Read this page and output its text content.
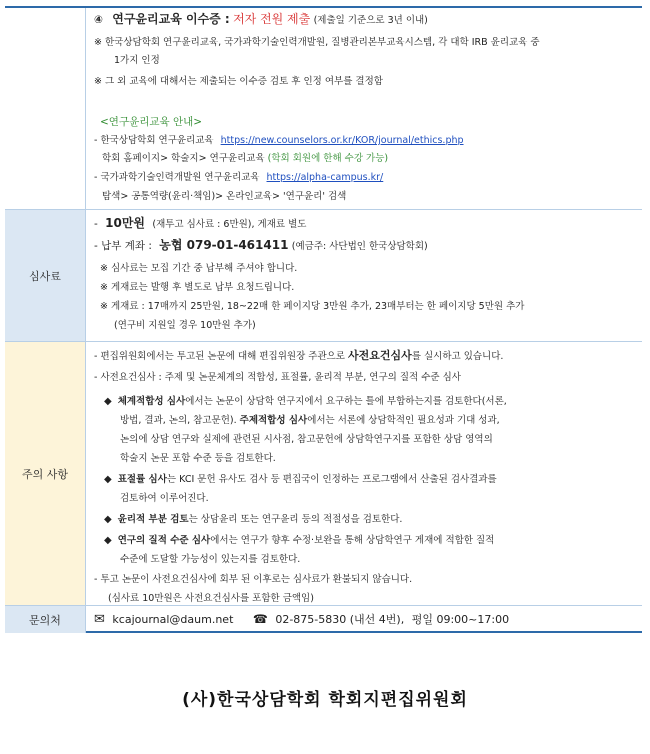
④ 연구윤리교육 이수증 : 저자 전원 제출 (제출일 기준으로 3년 이내)
※ 한국상담학회 연구윤리교육, 국가과학기술인력개발원, 질병관리본부교육시스템, 각 대학 IRB 윤리교육 중
1가지 인정
※ 그 외 교육에 대해서는 제출되는 이수증 검토 후 인정 여부를 결정함
<연구윤리교육 안내>
- 한국상담학회 연구윤리교육 https://new.counselors.or.kr/KOR/journal/ethics.php
학회 홈페이지> 학술지> 연구윤리교육 (학회 회원에 한해 수강 가능)
- 국가과학기술인력개발원 연구윤리교육 https://alpha-campus.kr/
탐색> 공통역량(윤리·책임)> 온라인교육> '연구윤리' 검색
심사료
- 10만원 (재투고 심사료 : 6만원), 게재료 별도
- 납부 계좌 : 농협 079-01-461411 (예금주: 사단법인 한국상담학회)
※ 심사료는 모집 기간 중 납부해 주셔야 합니다.
※ 게재료는 발행 후 별도로 납부 요청드립니다.
※ 게재료 : 17매까지 25만원, 18~22매 한 페이지당 3만원 추가, 23매부터는 한 페이지당 5만원 추가
(연구비 지원일 경우 10만원 추가)
주의 사항
- 편집위원회에서는 투고된 논문에 대해 편집위원장 주관으로 사전요건심사를 실시하고 있습니다.
- 사전요건심사 : 주제 및 논문체계의 적합성, 표절률, 윤리적 부분, 연구의 질적 수준 심사
◆ 체계적합성 심사에서는 논문이 상담학 연구지에서 요구하는 틀에 부합하는지를 검토한다(서론,
방법, 결과, 논의, 참고문헌). 주제적합성 심사에서는 서론에 상담학적인 필요성과 기대 성과,
논의에 상담 연구와 실제에 관련된 시사점, 참고문헌에 상담학연구지를 포함한 상담 영역의
학술지 논문 포함 수준 등을 검토한다.
◆ 표절률 심사는 KCI 문헌 유사도 검사 등 편집국이 인정하는 프로그램에서 산출된 검사결과를
검토하여 이루어진다.
◆ 윤리적 부분 검토는 상담윤리 또는 연구윤리 등의 적절성을 검토한다.
◆ 연구의 질적 수준 심사에서는 연구가 향후 수정·보완을 통해 상담학연구 게재에 적합한 질적
수준에 도달할 가능성이 있는지를 검토한다.
- 투고 논문이 사전요건심사에 회부 된 이후로는 심사료가 환불되지 않습니다.
(심사료 10만원은 사전요건심사를 포함한 금액임)
문의처	✉ kcajournal@daum.net ☎ 02-875-5830 (내선 4번), 평일 09:00~17:00
(사)한국상담학회 학회지편집위원회
